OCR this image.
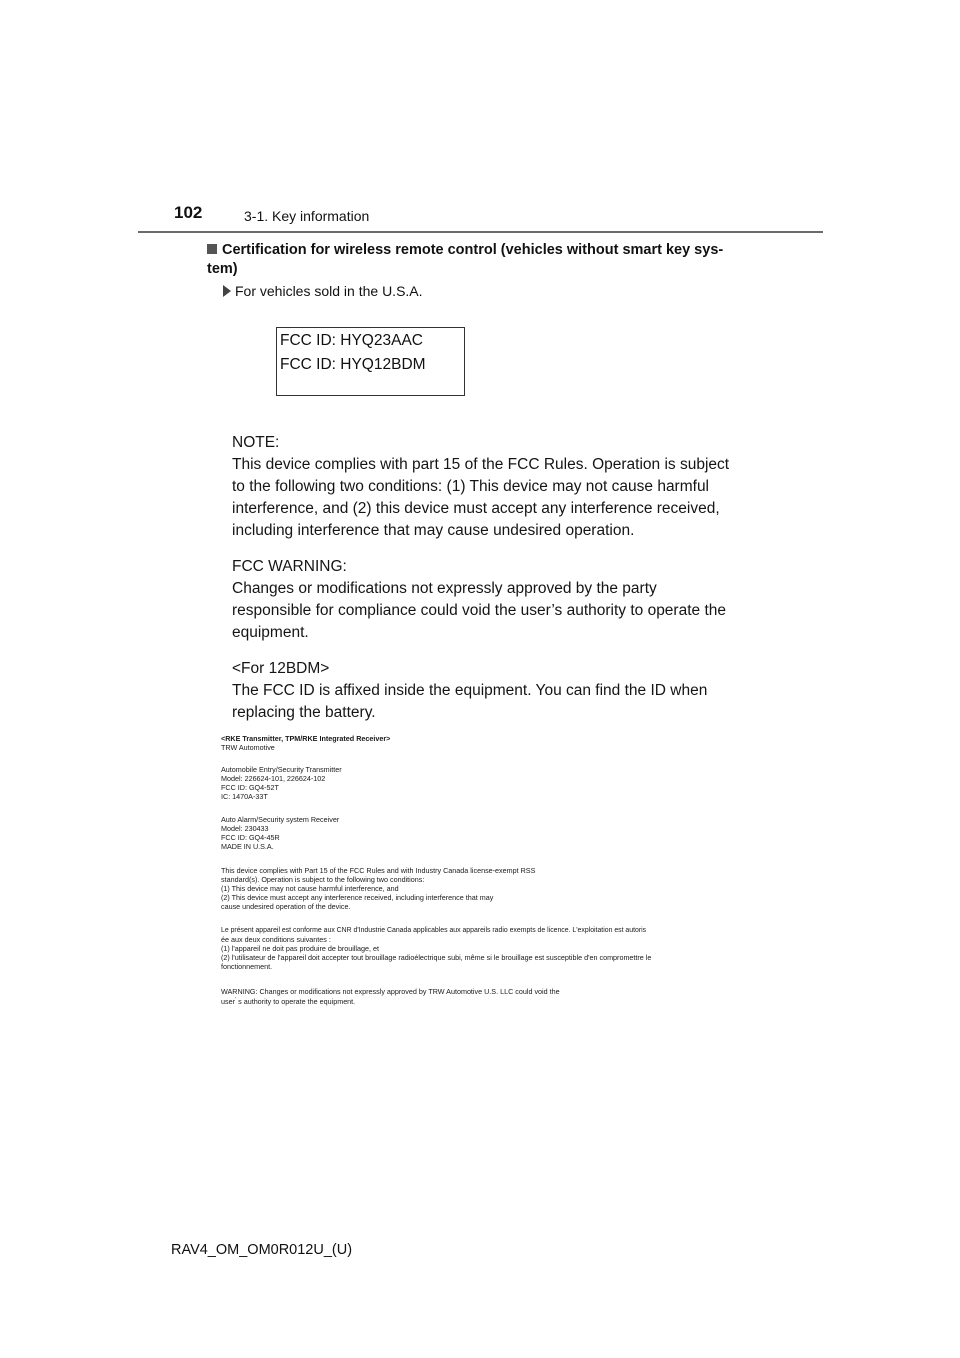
102	3-1. Key information
Certification for wireless remote control (vehicles without smart key sys-
tem)
For vehicles sold in the U.S.A.
FCC ID: HYQ23AAC
FCC ID: HYQ12BDM
NOTE:
This device complies with part 15 of the FCC Rules. Operation is subject
to the following two conditions: (1) This device may not cause harmful
interference, and (2) this device must accept any interference received,
including interference that may cause undesired operation.
FCC WARNING:
Changes or modifications not expressly approved by the party
responsible for compliance could void the user’s authority to operate the
equipment.
<For 12BDM>
The FCC ID is affixed inside the equipment. You can find the ID when
replacing the battery.
<RKE Transmitter, TPM/RKE Integrated Receiver>
TRW Automotive
Automobile Entry/Security Transmitter
Model: 226624-101, 226624-102
FCC ID: GQ4-52T
IC: 1470A-33T
Auto Alarm/Security system Receiver
Model: 230433
FCC ID: GQ4-45R
MADE IN U.S.A.
This device complies with Part 15 of the FCC Rules and with Industry Canada license-exempt RSS
standard(s). Operation is subject to the following two conditions:
(1) This device may not cause harmful interference, and
(2) This device must accept any interference received, including interference that may
cause undesired operation of the device.
Le présent appareil est conforme aux CNR d'Industrie Canada applicables aux appareils radio exempts de licence. L'exploitation est autoris
ée aux deux conditions suivantes :
(1) l'appareil ne doit pas produire de brouillage, et
(2) l'utilisateur de l'appareil doit accepter tout brouillage radioélectrique subi, même si le brouillage est susceptible d'en compromettre le
fonctionnement.
WARNING: Changes or modifications not expressly approved by TRW Automotive U.S. LLC could void the
user’ s authority to operate the equipment.
RAV4_OM_OM0R012U_(U)
